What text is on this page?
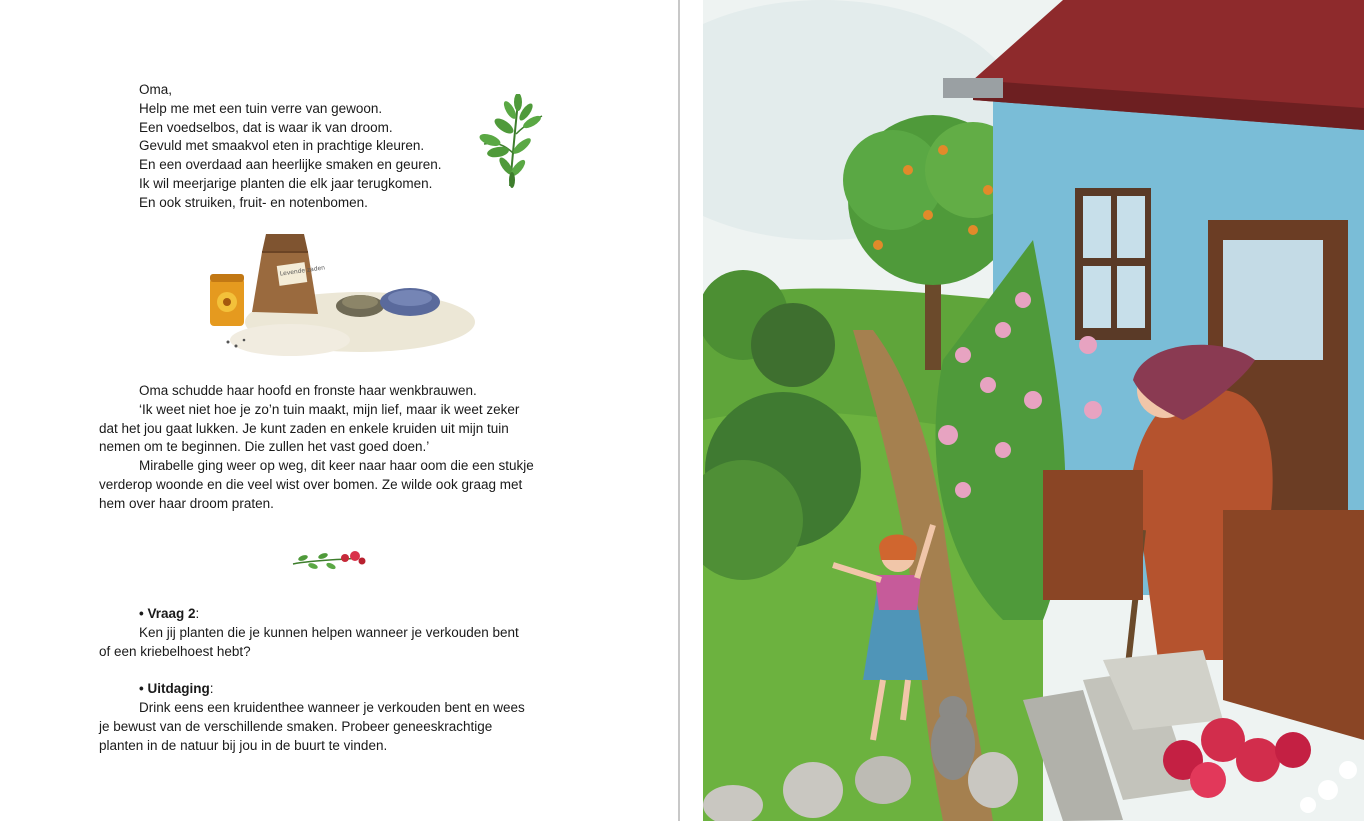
Oma,
Help me met een tuin verre van gewoon.
Een voedselbos, dat is waar ik van droom.
Gevuld met smaakvol eten in prachtige kleuren.
En een overdaad aan heerlijke smaken en geuren.
Ik wil meerjarige planten die elk jaar terugkomen.
En ook struiken, fruit- en notenbomen.
Levende zaden
Oma schudde haar hoofd en fronste haar wenkbrauwen.
‘Ik weet niet hoe je zo’n tuin maakt, mijn lief, maar ik weet zeker
dat het jou gaat lukken. Je kunt zaden en enkele kruiden uit mijn tuin
nemen om te beginnen. Die zullen het vast goed doen.’
Mirabelle ging weer op weg, dit keer naar haar oom die een stukje
verderop woonde en die veel wist over bomen. Ze wilde ook graag met
hem over haar droom praten.
• Vraag 2:
Ken jij planten die je kunnen helpen wanneer je verkouden bent
of een kriebelhoest hebt?

• Uitdaging:
Drink eens een kruidenthee wanneer je verkouden bent en wees
je bewust van de verschillende smaken. Probeer geneeskrachtige
planten in de natuur bij jou in de buurt te vinden.
